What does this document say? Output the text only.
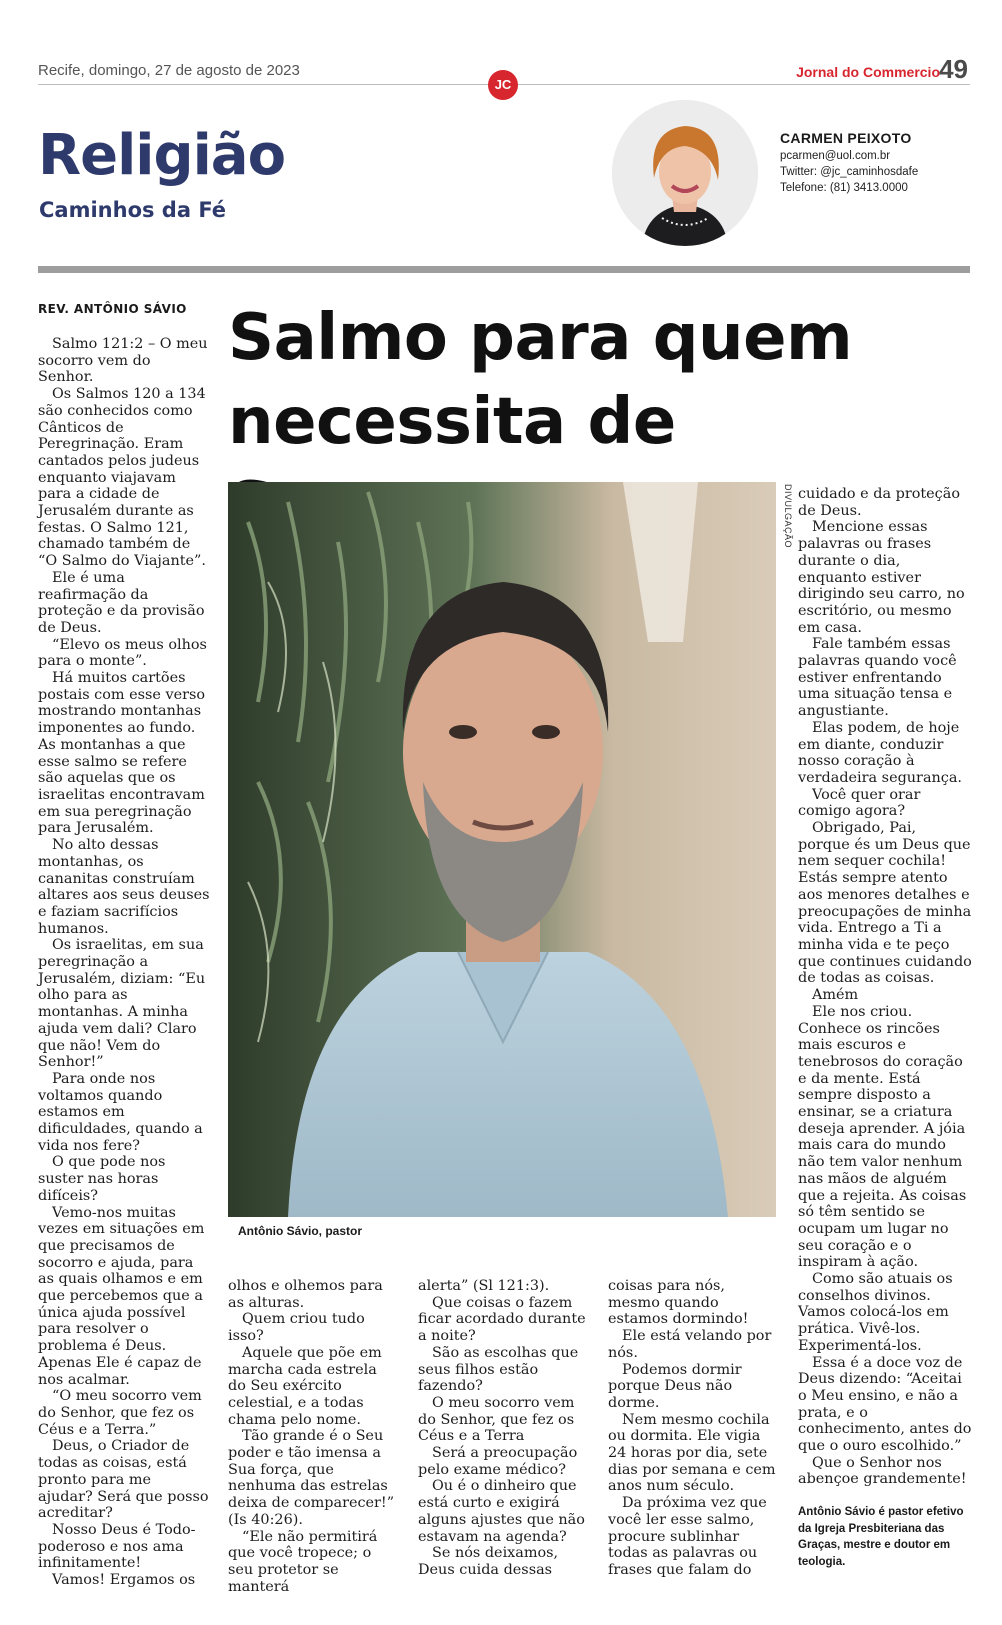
Recife, domingo, 27 de agosto de 2023
JC
Jornal do Commercio 49
Religião
Caminhos da Fé
CARMEN PEIXOTO
pcarmen@uol.com.br
Twitter: @jc_caminhosdafe
Telefone: (81) 3413.0000
REV. ANTÔNIO SÁVIO Salmo para quem
necessita de
DIVULGAÇÃO
Antônio Sávio, pastor

Salmo 121:2 – O meu socorro vem do Senhor.

Os Salmos 120 a 134 são conhecidos como Cânticos de Peregrinação. Eram cantados pelos judeus enquanto viajavam para a cidade de Jerusalém durante as festas. O Salmo 121, chamado também de “O Salmo do Viajante”.

Ele é uma reafirmação da proteção e da provisão de Deus.

“Elevo os meus olhos para o monte”.

Há muitos cartões postais com esse verso mostrando montanhas imponentes ao fundo. As montanhas a que esse salmo se refere são aquelas que os israelitas encontravam em sua peregrinação para Jerusalém.

No alto dessas montanhas, os cananitas construíam altares aos seus deuses e faziam sacrifícios humanos.

Os israelitas, em sua peregrinação a Jerusalém, diziam: “Eu olho para as montanhas. A minha ajuda vem dali? Claro que não! Vem do Senhor!”

Para onde nos voltamos quando estamos em dificuldades, quando a vida nos fere?

O que pode nos suster nas horas difíceis?

Vemo-nos muitas vezes em situações em que precisamos de socorro e ajuda, para as quais olhamos e em que percebemos que a única ajuda possível para resolver o problema é Deus. Apenas Ele é capaz de nos acalmar.

“O meu socorro vem do Senhor, que fez os Céus e a Terra.”

Deus, o Criador de todas as coisas, está pronto para me ajudar? Será que posso acreditar?

Nosso Deus é Todo-poderoso e nos ama infinitamente!

Vamos! Ergamos os

olhos e olhemos para as alturas.

Quem criou tudo isso?

Aquele que põe em marcha cada estrela do Seu exército celestial, e a todas chama pelo nome.

Tão grande é o Seu poder e tão imensa a Sua força, que nenhuma das estrelas deixa de comparecer!” (Is 40:26).

“Ele não permitirá que você tropece; o seu protetor se manterá

alerta” (Sl 121:3).

Que coisas o fazem ficar acordado durante a noite?

São as escolhas que seus filhos estão fazendo?

O meu socorro vem do Senhor, que fez os Céus e a Terra

Será a preocupação pelo exame médico?

Ou é o dinheiro que está curto e exigirá alguns ajustes que não estavam na agenda?

Se nós deixamos, Deus cuida dessas

coisas para nós, mesmo quando estamos dormindo!

Ele está velando por nós.

Podemos dormir porque Deus não dorme.

Nem mesmo cochila ou dormita. Ele vigia 24 horas por dia, sete dias por semana e cem anos num século.

Da próxima vez que você ler esse salmo, procure sublinhar todas as palavras ou frases que falam do

cuidado e da proteção de Deus.

Mencione essas palavras ou frases durante o dia, enquanto estiver dirigindo seu carro, no escritório, ou mesmo em casa.

Fale também essas palavras quando você estiver enfrentando uma situação tensa e angustiante.

Elas podem, de hoje em diante, conduzir nosso coração à verdadeira segurança.

Você quer orar comigo agora?

Obrigado, Pai, porque és um Deus que nem sequer cochila! Estás sempre atento aos menores detalhes e preocupações de minha vida. Entrego a Ti a minha vida e te peço que continues cuidando de todas as coisas.

Amém

Ele nos criou. Conhece os rincões mais escuros e tenebrosos do coração e da mente. Está sempre disposto a ensinar, se a criatura deseja aprender. A jóia mais cara do mundo não tem valor nenhum nas mãos de alguém que a rejeita. As coisas só têm sentido se ocupam um lugar no seu coração e o inspiram à ação.

Como são atuais os conselhos divinos. Vamos colocá-los em prática. Vivê-los. Experimentá-los.

Essa é a doce voz de Deus dizendo: “Aceitai o Meu ensino, e não a prata, e o conhecimento, antes do que o ouro escolhido.”

Que o Senhor nos abençoe grandemente!

Antônio Sávio é pastor efetivo da Igreja Presbiteriana das Graças, mestre e doutor em teologia.
